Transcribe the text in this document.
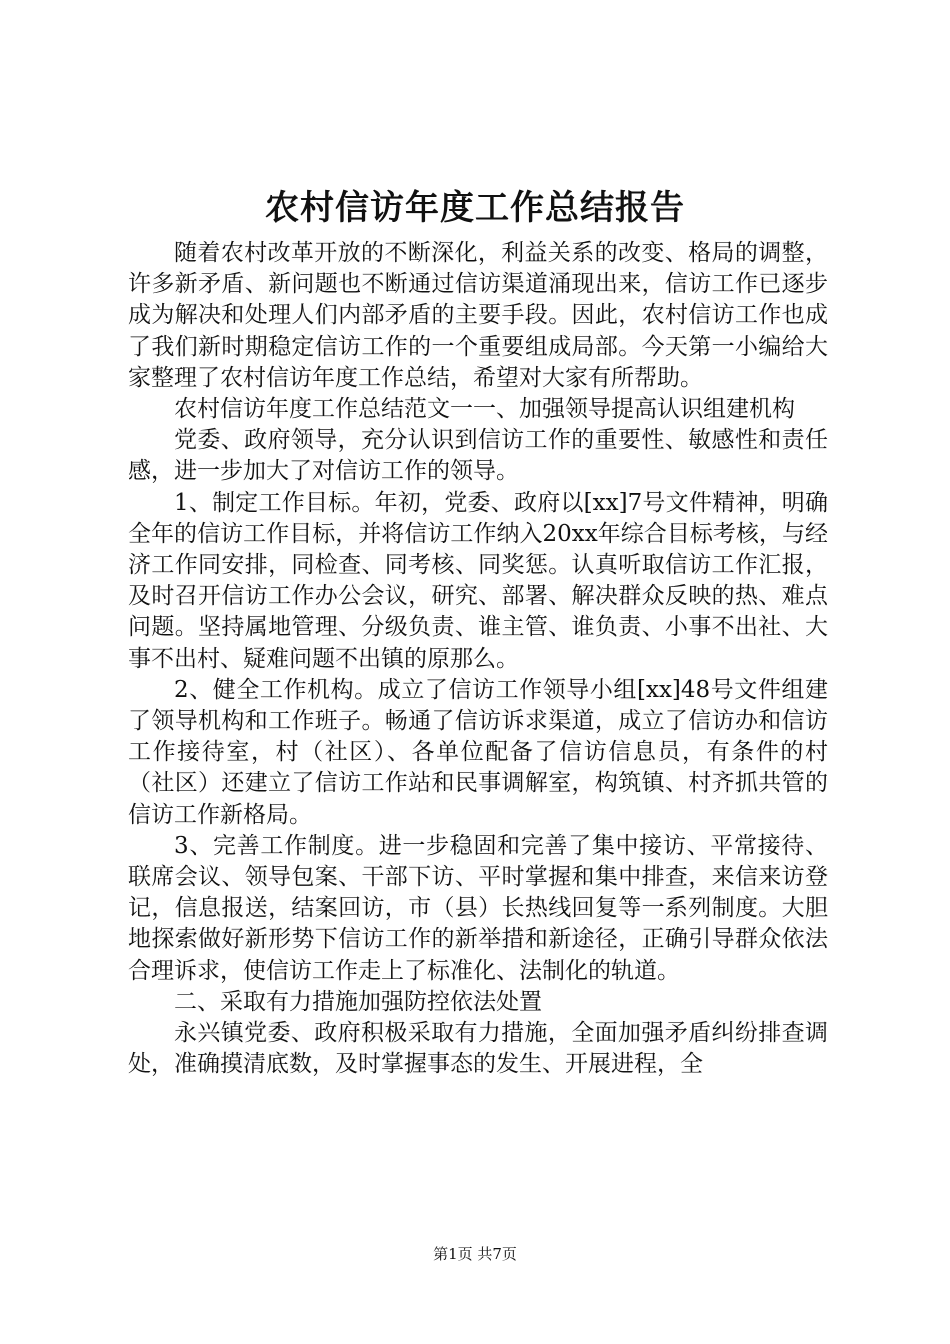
农村信访年度工作总结报告

随着农村改革开放的不断深化，利益关系的改变、格局的调整，许多新矛盾、新问题也不断通过信访渠道涌现出来，信访工作已逐步成为解决和处理人们内部矛盾的主要手段。因此，农村信访工作也成了我们新时期稳定信访工作的一个重要组成局部。今天第一小编给大家整理了农村信访年度工作总结，希望对大家有所帮助。

农村信访年度工作总结范文一一、加强领导提高认识组建机构

党委、政府领导，充分认识到信访工作的重要性、敏感性和责任感，进一步加大了对信访工作的领导。

1、制定工作目标。年初，党委、政府以[xx]7号文件精神，明确全年的信访工作目标，并将信访工作纳入20xx年综合目标考核，与经济工作同安排，同检查、同考核、同奖惩。认真听取信访工作汇报，及时召开信访工作办公会议，研究、部署、解决群众反映的热、难点问题。坚持属地管理、分级负责、谁主管、谁负责、小事不出社、大事不出村、疑难问题不出镇的原那么。

2、健全工作机构。成立了信访工作领导小组[xx]48号文件组建了领导机构和工作班子。畅通了信访诉求渠道，成立了信访办和信访工作接待室，村（社区）、各单位配备了信访信息员，有条件的村（社区）还建立了信访工作站和民事调解室，构筑镇、村齐抓共管的信访工作新格局。

3、完善工作制度。进一步稳固和完善了集中接访、平常接待、联席会议、领导包案、干部下访、平时掌握和集中排查，来信来访登记，信息报送，结案回访，市（县）长热线回复等一系列制度。大胆地探索做好新形势下信访工作的新举措和新途径，正确引导群众依法合理诉求，使信访工作走上了标准化、法制化的轨道。

二、采取有力措施加强防控依法处置

永兴镇党委、政府积极采取有力措施，全面加强矛盾纠纷排查调处，准确摸清底数，及时掌握事态的发生、开展进程，全

第1页 共7页
